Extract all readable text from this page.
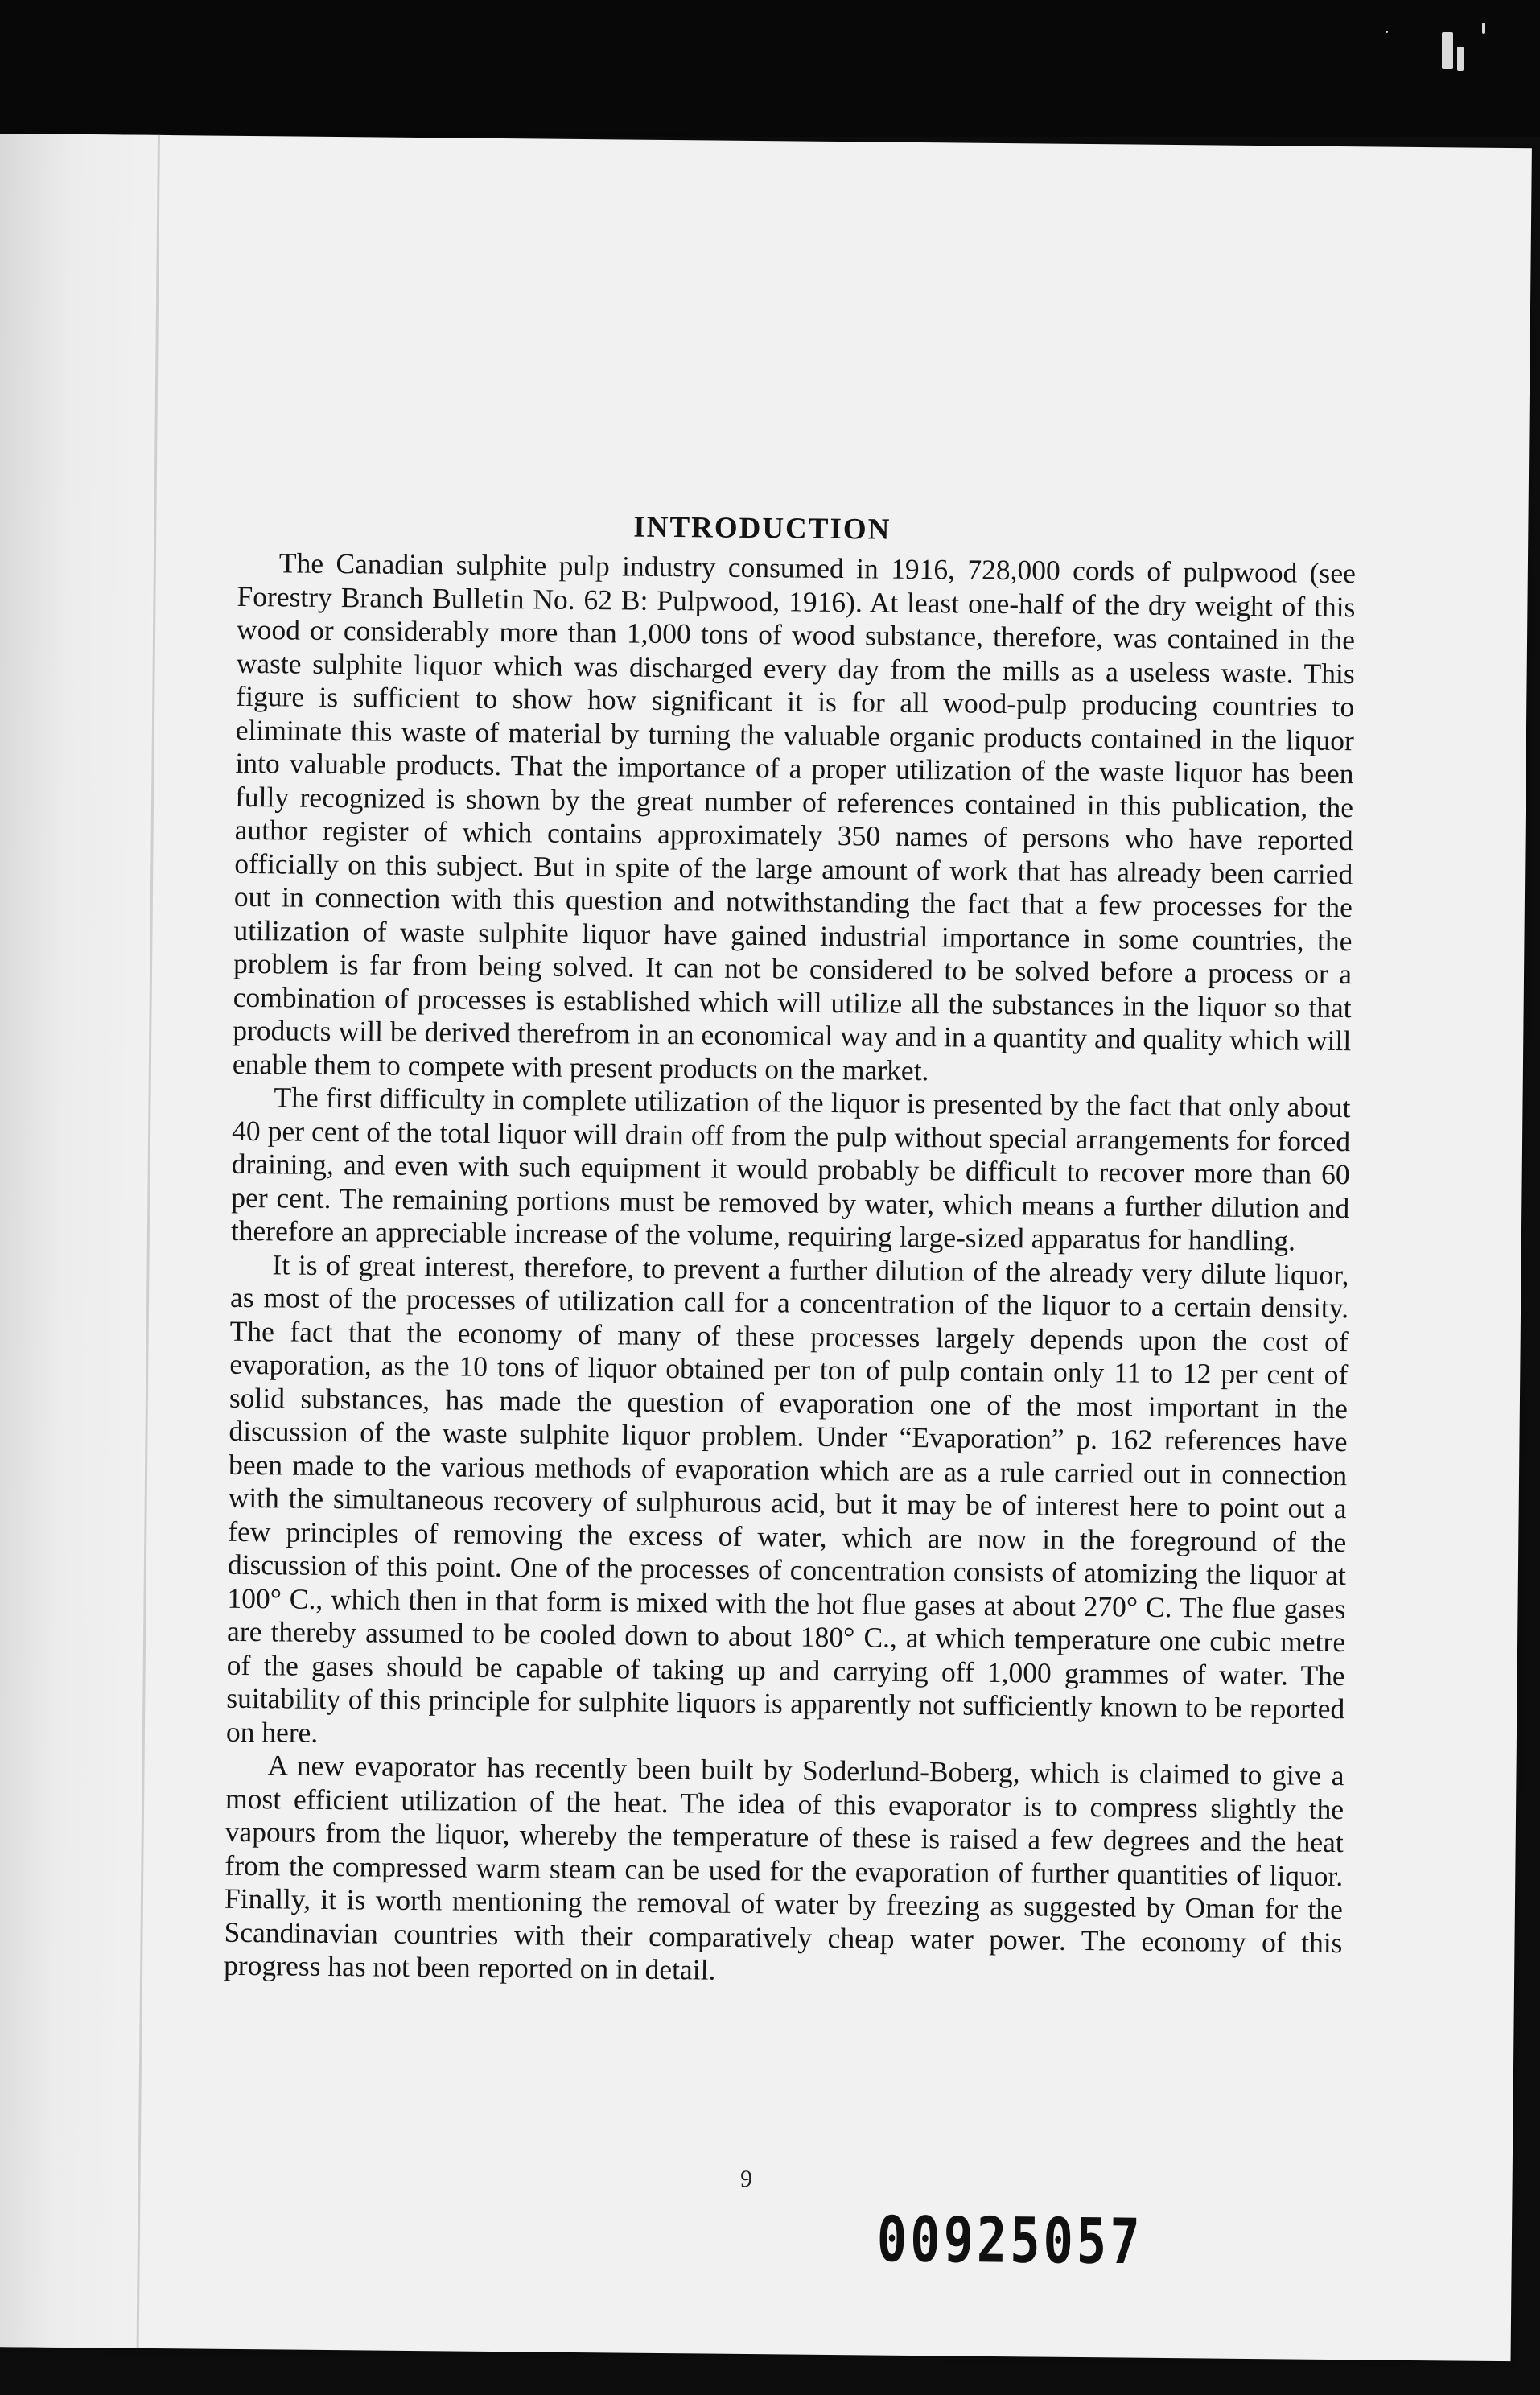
INTRODUCTION

The Canadian sulphite pulp industry consumed in 1916, 728,000 cords of pulpwood (see Forestry Branch Bulletin No. 62 B: Pulpwood, 1916). At least one-half of the dry weight of this wood or considerably more than 1,000 tons of wood substance, therefore, was contained in the waste sulphite liquor which was discharged every day from the mills as a useless waste. This figure is sufficient to show how significant it is for all wood-pulp producing countries to eliminate this waste of material by turning the valuable organic products contained in the liquor into valuable products. That the importance of a proper utilization of the waste liquor has been fully recognized is shown by the great number of references contained in this publication, the author register of which contains approximately 350 names of persons who have reported officially on this subject. But in spite of the large amount of work that has already been carried out in connection with this question and notwithstanding the fact that a few processes for the utilization of waste sulphite liquor have gained industrial importance in some countries, the problem is far from being solved. It can not be considered to be solved before a process or a combination of processes is established which will utilize all the substances in the liquor so that products will be derived therefrom in an economical way and in a quantity and quality which will enable them to compete with present products on the market.

The first difficulty in complete utilization of the liquor is presented by the fact that only about 40 per cent of the total liquor will drain off from the pulp without special arrangements for forced draining, and even with such equipment it would probably be difficult to recover more than 60 per cent. The remaining portions must be removed by water, which means a further dilution and therefore an appreciable increase of the volume, requiring large-sized apparatus for handling.

It is of great interest, therefore, to prevent a further dilution of the already very dilute liquor, as most of the processes of utilization call for a concentration of the liquor to a certain density. The fact that the economy of many of these processes largely depends upon the cost of evaporation, as the 10 tons of liquor obtained per ton of pulp contain only 11 to 12 per cent of solid substances, has made the question of evaporation one of the most important in the discussion of the waste sulphite liquor problem. Under “Evaporation” p. 162 references have been made to the various methods of evaporation which are as a rule carried out in connection with the simultaneous recovery of sulphurous acid, but it may be of interest here to point out a few principles of removing the excess of water, which are now in the foreground of the discussion of this point. One of the processes of concentration consists of atomizing the liquor at 100° C., which then in that form is mixed with the hot flue gases at about 270° C. The flue gases are thereby assumed to be cooled down to about 180° C., at which temperature one cubic metre of the gases should be capable of taking up and carrying off 1,000 grammes of water. The suitability of this principle for sulphite liquors is apparently not sufficiently known to be reported on here.

A new evaporator has recently been built by Soderlund-Boberg, which is claimed to give a most efficient utilization of the heat. The idea of this evaporator is to compress slightly the vapours from the liquor, whereby the temperature of these is raised a few degrees and the heat from the compressed warm steam can be used for the evaporation of further quantities of liquor. Finally, it is worth mentioning the removal of water by freezing as suggested by Oman for the Scandinavian countries with their comparatively cheap water power. The economy of this progress has not been reported on in detail.

9
00925057
